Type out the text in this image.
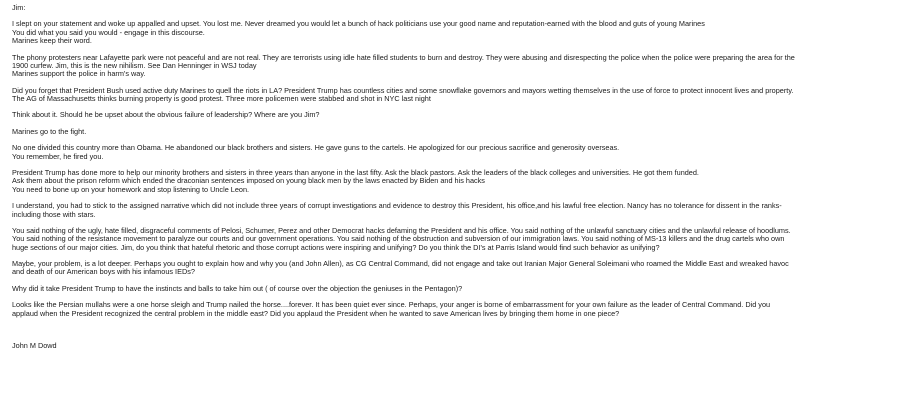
Jim:
I slept on your statement and woke up appalled and upset. You lost me. Never dreamed you would let a bunch of hack politicians use your good name and reputation-earned with the blood and guts of young Marines
You did what you said you would - engage in this discourse.
Marines keep their word.
The phony protesters near Lafayette park were not peaceful and are not real. They are terrorists using idle hate filled students to burn and destroy. They were abusing and disrespecting the police when the police were preparing the area for the
1900 curfew. Jim, this is the new nihilism. See Dan Henninger in WSJ today
Marines support the police in harm's way.
Did you forget that President Bush used active duty Marines to quell the riots in LA? President Trump has countless cities and some snowflake governors and mayors wetting themselves in the use of force to protect innocent lives and property.
The AG of Massachusetts thinks burning property is good protest. Three more policemen were stabbed and shot in NYC last night
Think about it. Should he be upset about the obvious failure of leadership? Where are you Jim?
Marines go to the fight.
No one divided this country more than Obama. He abandoned our black brothers and sisters. He gave guns to the cartels. He apologized for our precious sacrifice and generosity overseas.
You remember, he fired you.
President Trump has done more to help our minority brothers and sisters in three years than anyone in the last fifty. Ask the black pastors. Ask the leaders of the black colleges and universities. He got them funded.
Ask them about the prison reform which ended the draconian sentences imposed on young black men by the laws enacted by Biden and his hacks
You need to bone up on your homework and stop listening to Uncle Leon.
I understand, you had to stick to the assigned narrative which did not include three years of corrupt investigations and evidence to destroy this President, his office,and his lawful free election. Nancy has no tolerance for dissent in the ranks-
including those with stars.
You said nothing of the ugly, hate filled, disgraceful comments of Pelosi, Schumer, Perez and other Democrat hacks defaming the President and his office. You said nothing of the unlawful sanctuary cities and the unlawful release of hoodlums.
You said nothing of the resistance movement to paralyze our courts and our government operations. You said nothing of the obstruction and subversion of our immigration laws. You said nothing of MS-13 killers and the drug cartels who own
huge sections of our major cities. Jim, do you think that hateful rhetoric and those corrupt actions were inspiring and unifying? Do you think the DI's at Parris Island would find such behavior as unifying?
Maybe, your problem, is a lot deeper. Perhaps you ought to explain how and why you (and John Allen), as CG Central Command, did not engage and take out Iranian Major General Soleimani who roamed the Middle East and wreaked havoc
and death of our American boys with his infamous IEDs?
Why did it take President Trump to have the instincts and balls to take him out ( of course over the objection the geniuses in the Pentagon)?
Looks like the Persian mullahs were a one horse sleigh and Trump nailed the horse....forever. It has been quiet ever since. Perhaps, your anger is borne of embarrassment for your own failure as the leader of Central Command. Did you
applaud when the President recognized the central problem in the middle east? Did you applaud the President when he wanted to save American lives by bringing them home in one piece?
John M Dowd
